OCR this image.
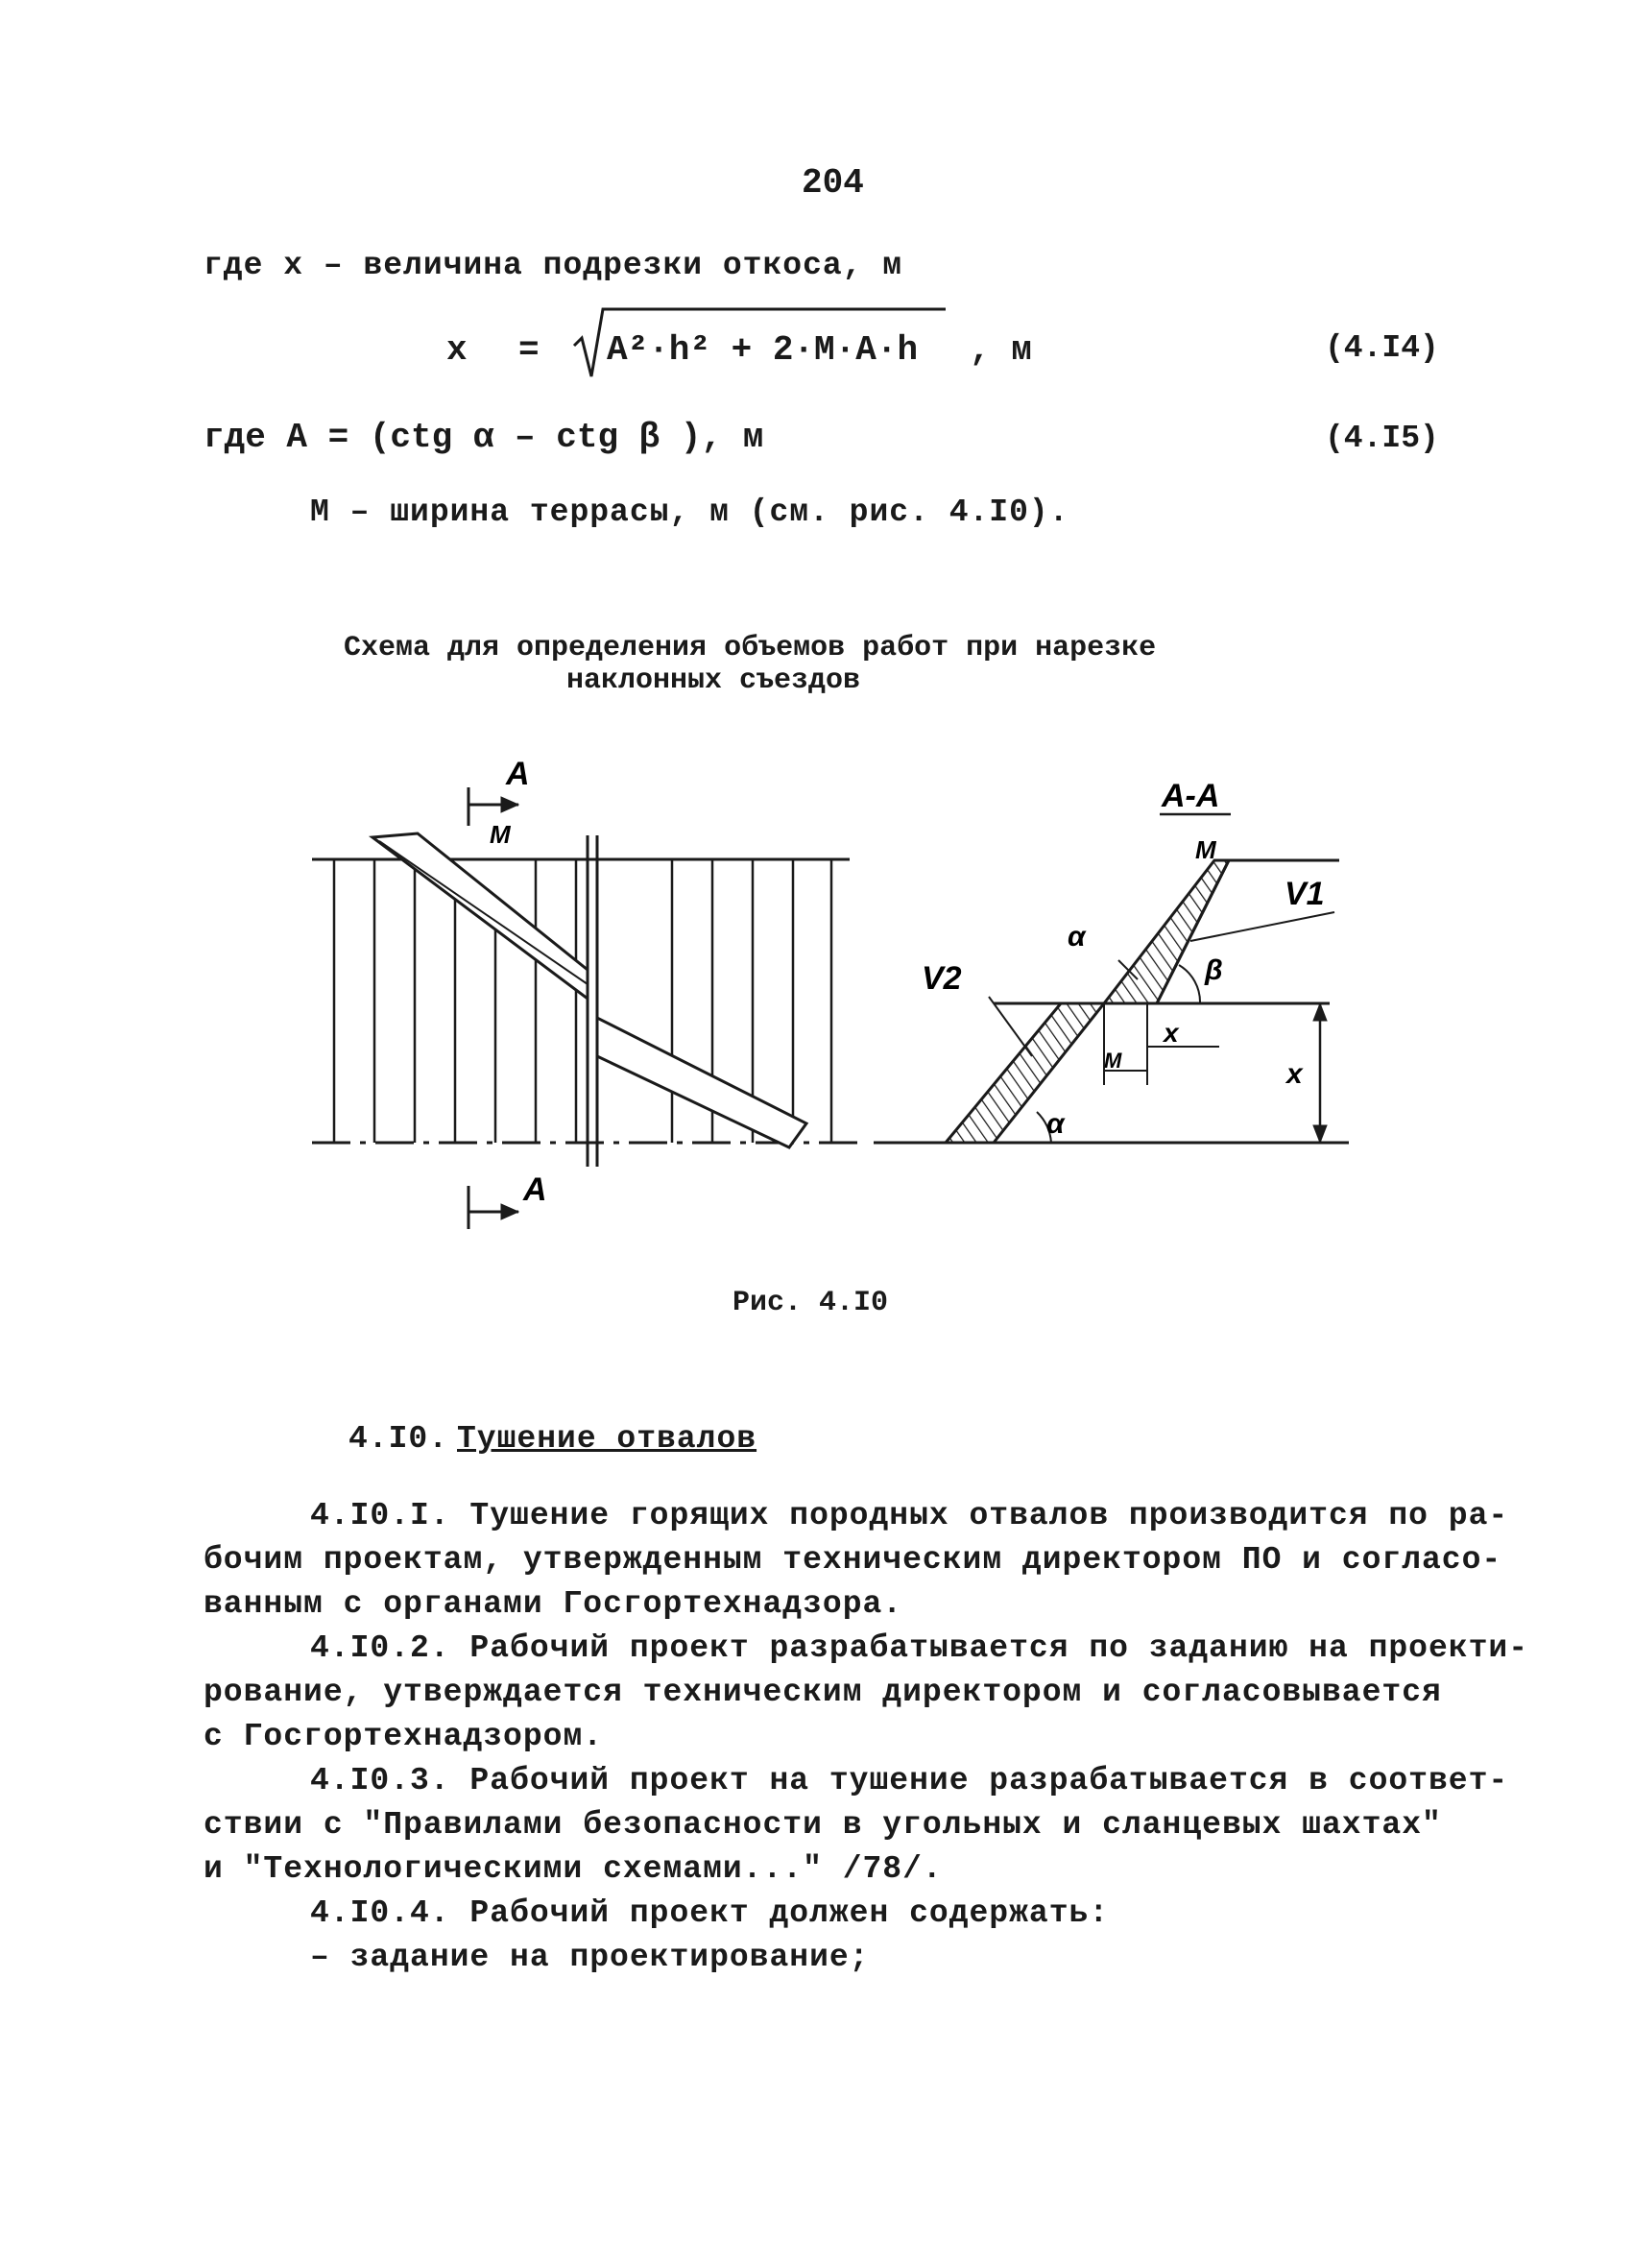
204
где x – величина подрезки откоса, м
x = A²·h² + 2·M·A·h , м	(4.I4)
где A = (ctg α – ctg β ), м	(4.I5)
M – ширина террасы, м (см. рис. 4.I0).
Схема для определения объемов работ при нарезке
наклонных съездов
A
M
A
A-A
M
V1
V2
α
β
x
M	x
α
Рис. 4.I0
4.I0. Тушение отвалов
4.I0.I. Тушение горящих породных отвалов производится по ра-
бочим проектам, утвержденным техническим директором ПО и согласо-
ванным с органами Госгортехнадзора.
4.I0.2. Рабочий проект разрабатывается по заданию на проекти-
рование, утверждается техническим директором и согласовывается
с Госгортехнадзором.
4.I0.3. Рабочий проект на тушение разрабатывается в соответ-
ствии с "Правилами безопасности в угольных и сланцевых шахтах"
и "Технологическими схемами..." /78/.
4.I0.4. Рабочий проект должен содержать:
– задание на проектирование;
